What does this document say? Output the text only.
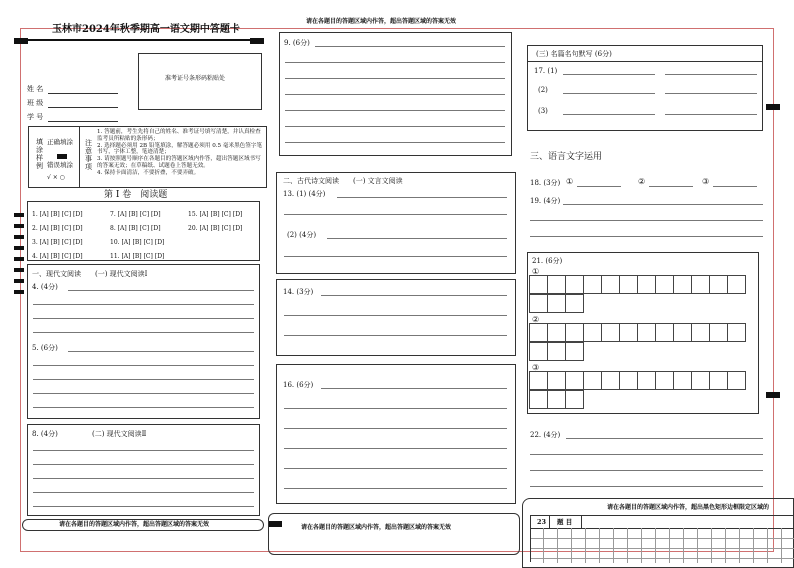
玉林市2024年秋季期高一语文期中答题卡
准考证号条形码粘贴处
姓 名
班 级
学 号
填涂样例
正确填涂
错误填涂
√ × ○
注意事项
1. 答题前，考生先将自己的姓名、准考证号填写清楚，并认真检查监考员所粘贴的条形码；
2. 选择题必须用 2B 铅笔填涂，解答题必须用 0.5 毫米黑色签字笔书写，字体工整，笔迹清楚；
3. 请按照题号顺序在各题目的答题区域内作答，超出答题区域书写的答案无效；在草稿纸、试题卷上答题无效。
4. 保持卡面清洁，不要折叠，不要弄破。
第 Ⅰ 卷　阅读题
1. [A] [B] [C] [D]
2. [A] [B] [C] [D]
3. [A] [B] [C] [D]
4. [A] [B] [C] [D]
7. [A] [B] [C] [D]
8. [A] [B] [C] [D]
10. [A] [B] [C] [D]
11. [A] [B] [C] [D]
15. [A] [B] [C] [D]
20. [A] [B] [C] [D]
一、现代文阅读　　(一) 现代文阅读Ⅰ
4. (4分)
5. (6分)
8. (4分)	(二) 现代文阅读Ⅱ
请在各题目的答题区域内作答，超出答题区域的答案无效
请在各题目的答题区域内作答，超出答题区域的答案无效
9. (6分)
二、古代诗文阅读　　(一) 文言文阅读
13. (1) (4分)
(2) (4分)
14. (3分)
16. (6分)
请在各题目的答题区域内作答，超出答题区域的答案无效
(三) 名篇名句默写 (6分)
17. (1)
(2)
(3)
三、语言文字运用
18. (3分) ①	②	③
19. (4分)
21. (6分)
①
②
③

22. (4分)
请在各题目的答题区域内作答，超出黑色矩形边框限定区域的
23 题 目
